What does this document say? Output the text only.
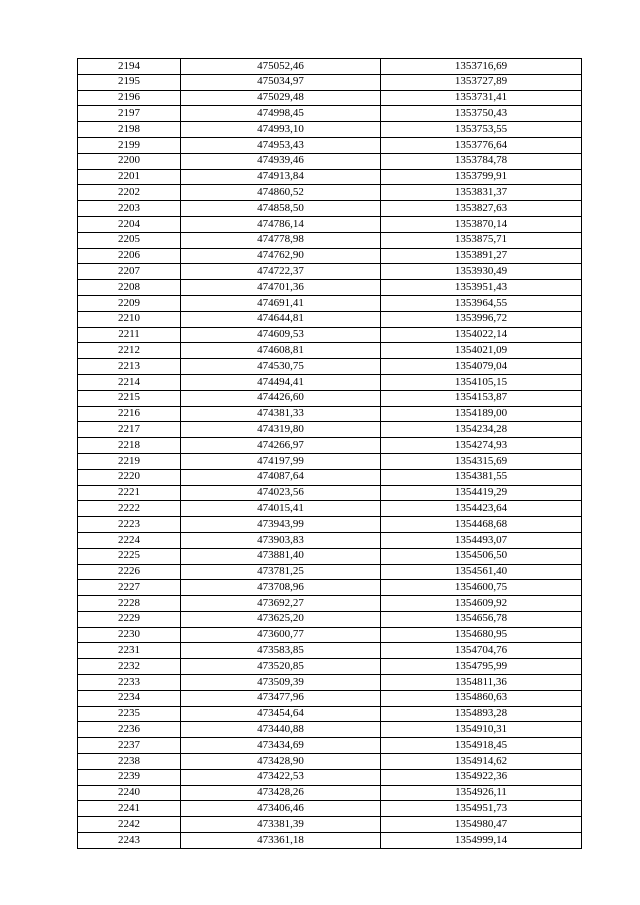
2194	475052,46	1353716,69
2195	475034,97	1353727,89
2196	475029,48	1353731,41
2197	474998,45	1353750,43
2198	474993,10	1353753,55
2199	474953,43	1353776,64
2200	474939,46	1353784,78
2201	474913,84	1353799,91
2202	474860,52	1353831,37
2203	474858,50	1353827,63
2204	474786,14	1353870,14
2205	474778,98	1353875,71
2206	474762,90	1353891,27
2207	474722,37	1353930,49
2208	474701,36	1353951,43
2209	474691,41	1353964,55
2210	474644,81	1353996,72
2211	474609,53	1354022,14
2212	474608,81	1354021,09
2213	474530,75	1354079,04
2214	474494,41	1354105,15
2215	474426,60	1354153,87
2216	474381,33	1354189,00
2217	474319,80	1354234,28
2218	474266,97	1354274,93
2219	474197,99	1354315,69
2220	474087,64	1354381,55
2221	474023,56	1354419,29
2222	474015,41	1354423,64
2223	473943,99	1354468,68
2224	473903,83	1354493,07
2225	473881,40	1354506,50
2226	473781,25	1354561,40
2227	473708,96	1354600,75
2228	473692,27	1354609,92
2229	473625,20	1354656,78
2230	473600,77	1354680,95
2231	473583,85	1354704,76
2232	473520,85	1354795,99
2233	473509,39	1354811,36
2234	473477,96	1354860,63
2235	473454,64	1354893,28
2236	473440,88	1354910,31
2237	473434,69	1354918,45
2238	473428,90	1354914,62
2239	473422,53	1354922,36
2240	473428,26	1354926,11
2241	473406,46	1354951,73
2242	473381,39	1354980,47
2243	473361,18	1354999,14
